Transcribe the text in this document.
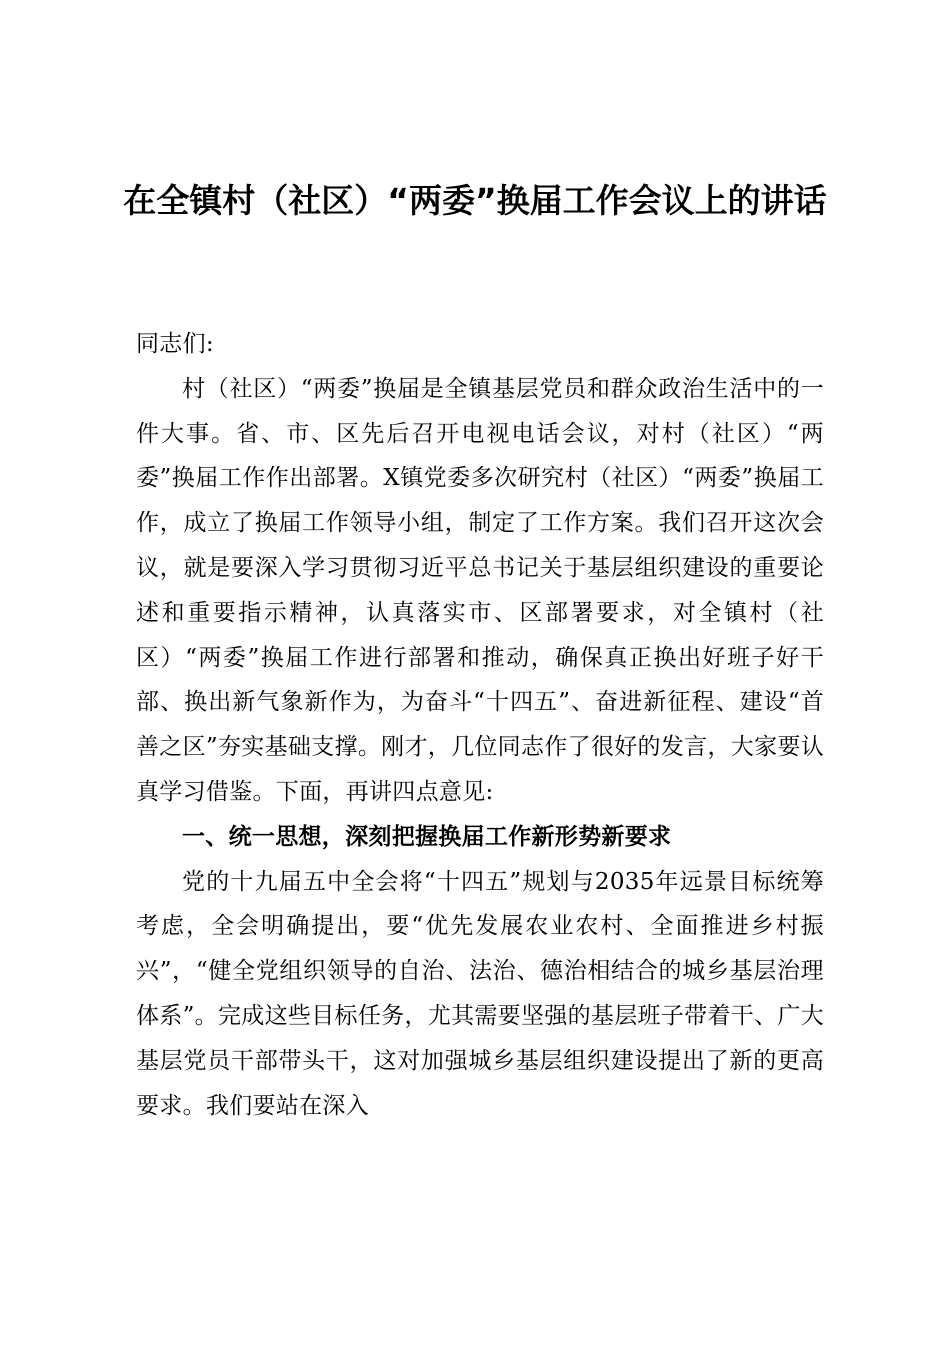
在全镇村（社区）“两委”换届工作会议上的讲话

同志们:

村（社区）“两委”换届是全镇基层党员和群众政治生活中的一件大事。省、市、区先后召开电视电话会议，对村（社区）“两委”换届工作作出部署。X镇党委多次研究村（社区）“两委”换届工作，成立了换届工作领导小组，制定了工作方案。我们召开这次会议，就是要深入学习贯彻习近平总书记关于基层组织建设的重要论述和重要指示精神，认真落实市、区部署要求，对全镇村（社区）“两委”换届工作进行部署和推动，确保真正换出好班子好干部、换出新气象新作为，为奋斗“十四五”、奋进新征程、建设“首善之区”夯实基础支撑。刚才，几位同志作了很好的发言，大家要认真学习借鉴。下面，再讲四点意见:

一、统一思想，深刻把握换届工作新形势新要求

党的十九届五中全会将“十四五”规划与2035年远景目标统筹考虑，全会明确提出，要“优先发展农业农村、全面推进乡村振兴”，“健全党组织领导的自治、法治、德治相结合的城乡基层治理体系”。完成这些目标任务，尤其需要坚强的基层班子带着干、广大基层党员干部带头干，这对加强城乡基层组织建设提出了新的更高要求。我们要站在深入
